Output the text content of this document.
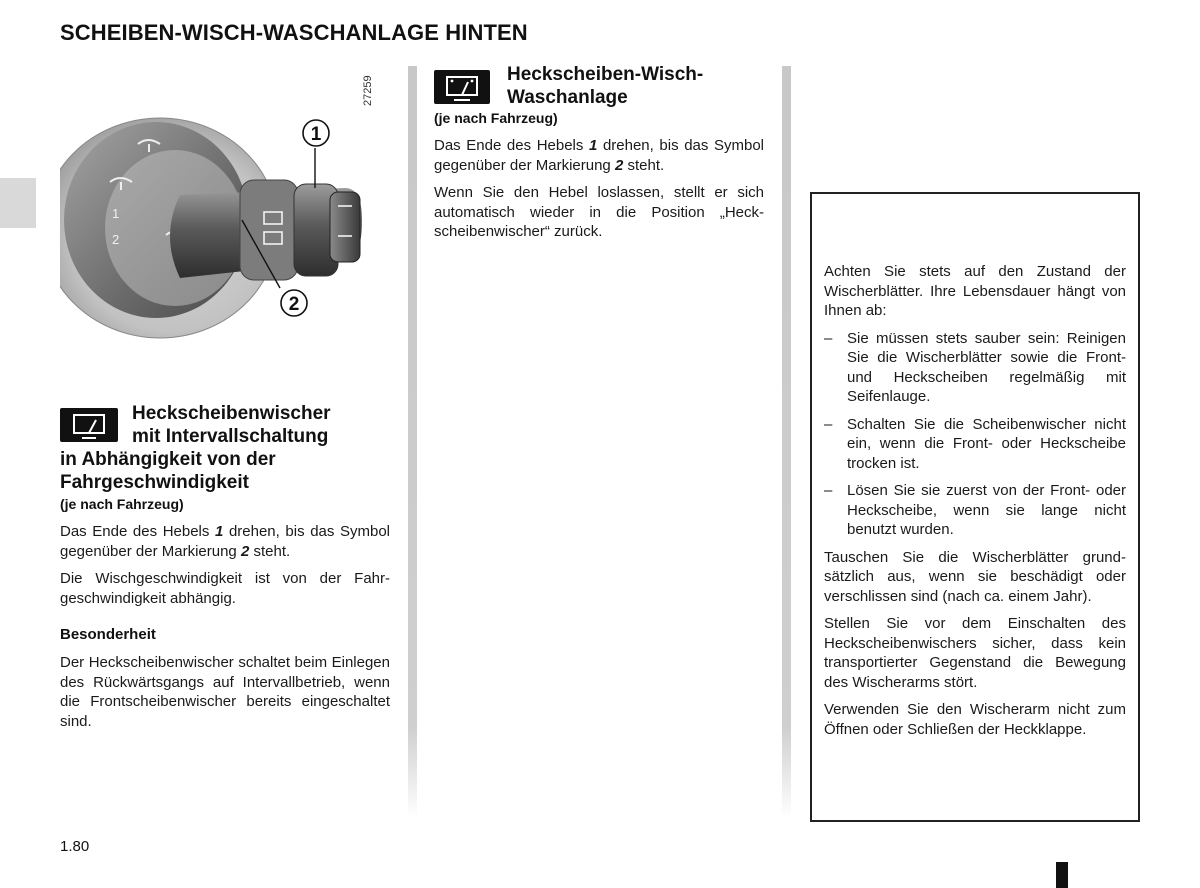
SCHEIBEN-WISCH-WASCHANLAGE HINTEN
1
2
1
2
27259
Heckscheibenwischer
mit Intervallschaltung
in Abhängigkeit von der
Fahrgeschwindigkeit
(je nach Fahrzeug)
Das Ende des Hebels 1 drehen, bis das Symbol gegenüber der Markierung 2 steht.
Die Wischgeschwindigkeit ist von der Fahrgeschwindigkeit abhängig.
Besonderheit
Der Heckscheibenwischer schaltet beim Einlegen des Rückwärtsgangs auf Intervallbetrieb, wenn die Frontscheibenwischer bereits eingeschaltet sind.
Heckscheiben-Wisch-
Waschanlage
(je nach Fahrzeug)
Das Ende des Hebels 1 drehen, bis das Symbol gegenüber der Markierung 2 steht.
Wenn Sie den Hebel loslassen, stellt er sich automatisch wieder in die Position „Heckscheibenwischer“ zurück.

Achten Sie stets auf den Zustand der Wischerblätter. Ihre Lebensdauer hängt von Ihnen ab:

– Sie müssen stets sauber sein: Reinigen Sie die Wischerblätter sowie die Front- und Heckscheiben regelmäßig mit Seifenlauge.
– Schalten Sie die Scheibenwischer nicht ein, wenn die Front- oder Heckscheibe trocken ist.
– Lösen Sie sie zuerst von der Front- oder Heckscheibe, wenn sie lange nicht benutzt wurden.

Tauschen Sie die Wischerblätter grundsätzlich aus, wenn sie beschädigt oder verschlissen sind (nach ca. einem Jahr).

Stellen Sie vor dem Einschalten des Heckscheibenwischers sicher, dass kein transportierter Gegenstand die Bewegung des Wischerarms stört.

Verwenden Sie den Wischerarm nicht zum Öffnen oder Schließen der Heckklappe.

1.80
